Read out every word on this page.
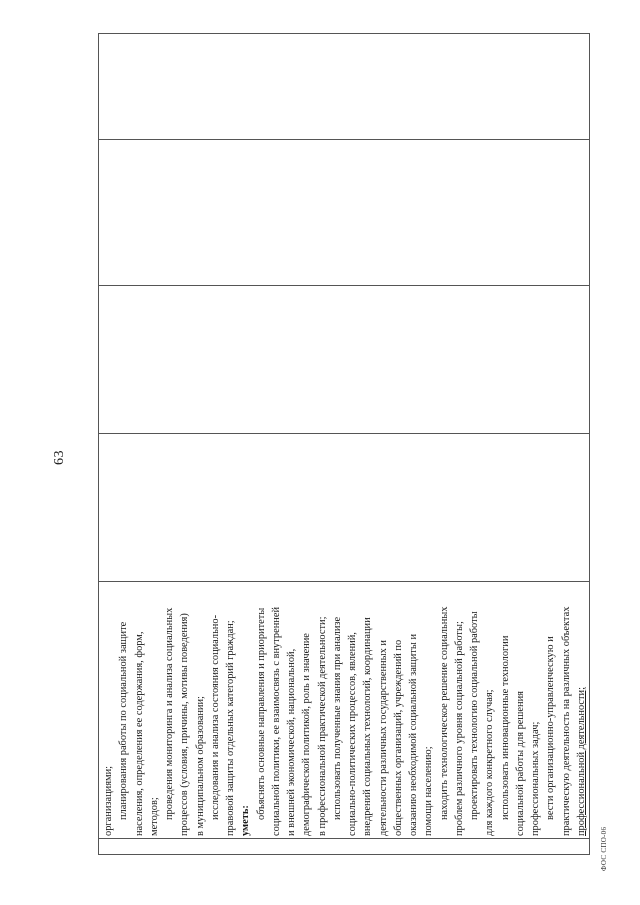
63
организациями; планирования работы по социальной защите населения, определения ее содержания, форм, методов; проведения мониторинга и анализа социальных процессов (условия, причины, мотивы поведения) в муниципальном образовании; исследования и анализа состояния социально- правовой защиты отдельных категорий граждан; уметь:
объяснять основные направления и приоритеты социальной политики, ее взаимосвязь с внутренней и внешней экономической, национальной, демографической политикой, роль и значение в профессиональной практической деятельности; использовать полученные знания при анализе социально-политических процессов, явлений, внедрений социальных технологий, координации деятельности различных государственных и общественных организаций, учреждений по оказанию необходимой социальной защиты и помощи населению; находить технологическое решение социальных проблем различного уровня социальной работы; проектировать технологию социальной работы для каждого конкретного случая; использовать инновационные технологии социальной работы для решения профессиональных задач; вести организационно-управленческую и практическую деятельность на различных объектах профессиональной деятельности;
ФОС СПО-06
